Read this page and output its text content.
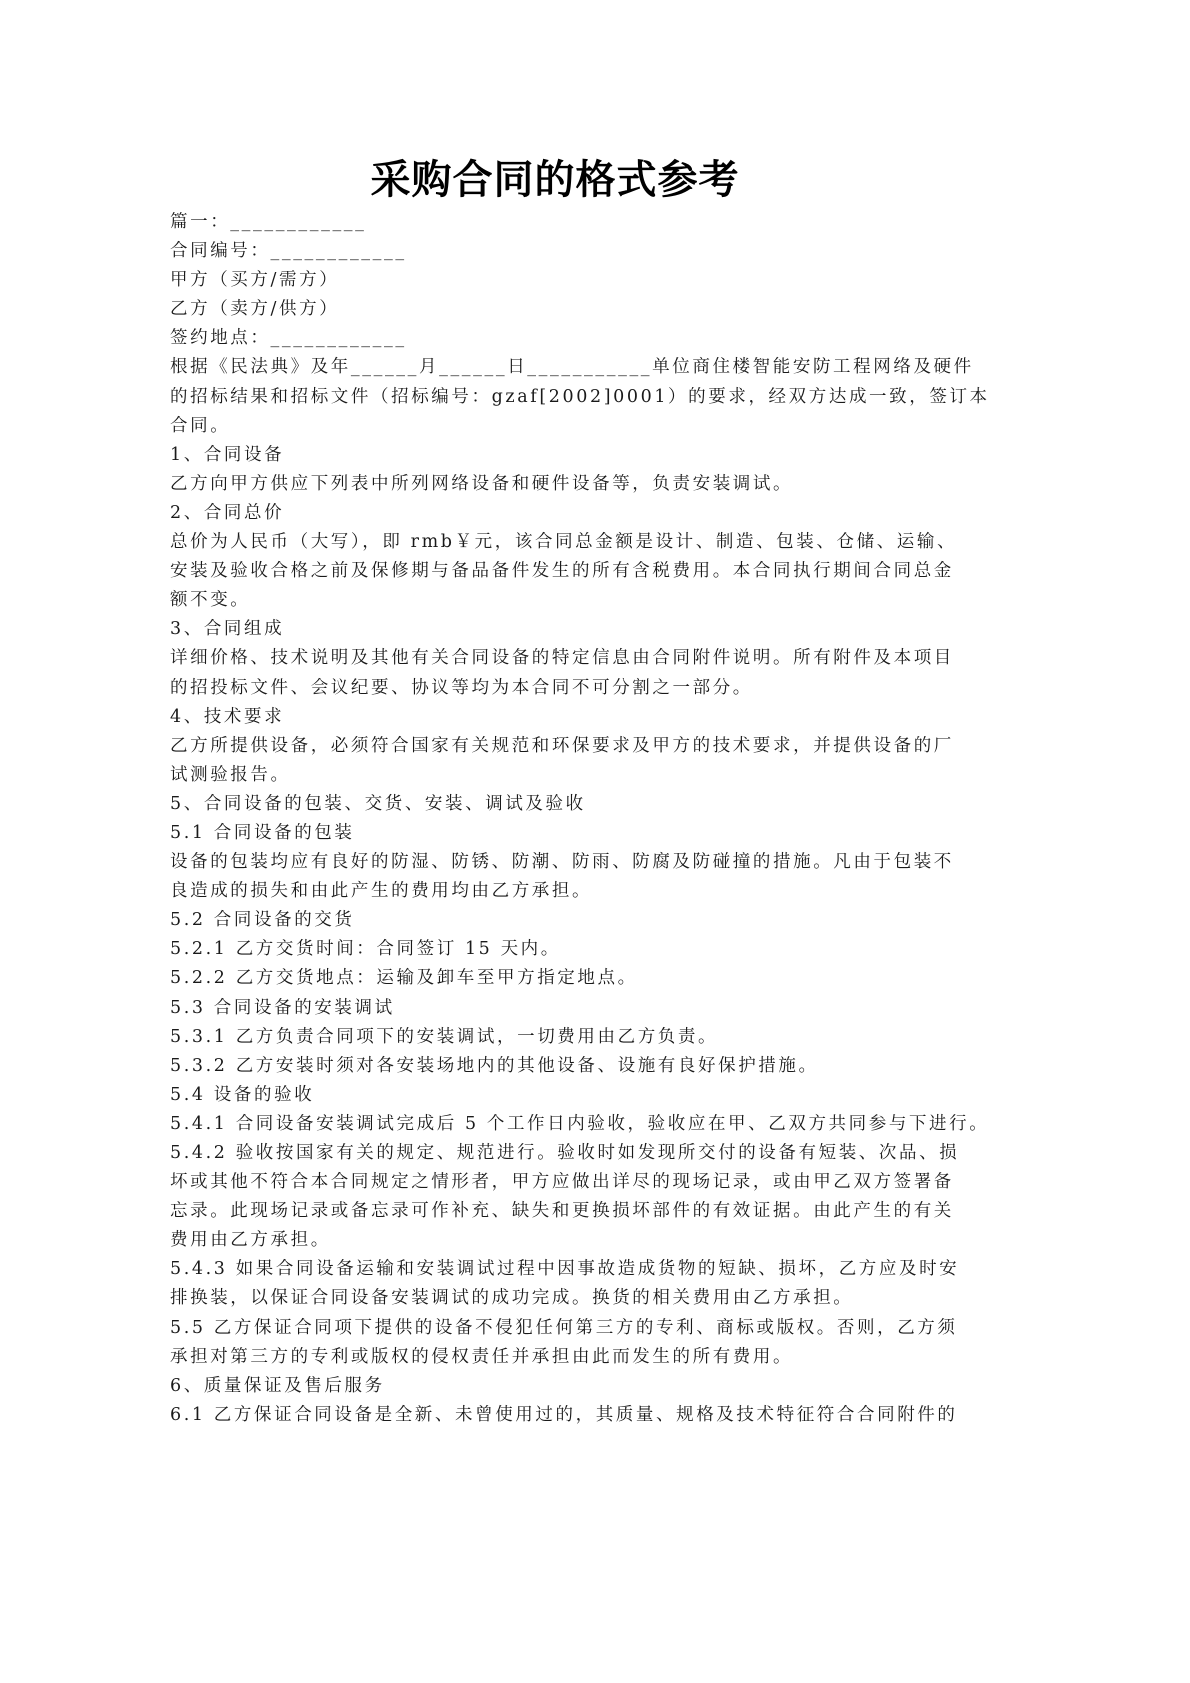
采购合同的格式参考

篇一：____________

合同编号：____________

甲方（买方/需方）

乙方（卖方/供方）

签约地点：____________

根据《民法典》及年______月______日___________单位商住楼智能安防工程网络及硬件

的招标结果和招标文件（招标编号：gzaf[2002]0001）的要求，经双方达成一致，签订本

合同。

1、合同设备

乙方向甲方供应下列表中所列网络设备和硬件设备等，负责安装调试。

2、合同总价

总价为人民币（大写），即 rmb￥元，该合同总金额是设计、制造、包装、仓储、运输、

安装及验收合格之前及保修期与备品备件发生的所有含税费用。本合同执行期间合同总金

额不变。

3、合同组成

详细价格、技术说明及其他有关合同设备的特定信息由合同附件说明。所有附件及本项目

的招投标文件、会议纪要、协议等均为本合同不可分割之一部分。

4、技术要求

乙方所提供设备，必须符合国家有关规范和环保要求及甲方的技术要求，并提供设备的厂

试测验报告。

5、合同设备的包装、交货、安装、调试及验收

5.1 合同设备的包装

设备的包装均应有良好的防湿、防锈、防潮、防雨、防腐及防碰撞的措施。凡由于包装不

良造成的损失和由此产生的费用均由乙方承担。

5.2 合同设备的交货

5.2.1 乙方交货时间：合同签订 15 天内。

5.2.2 乙方交货地点：运输及卸车至甲方指定地点。

5.3 合同设备的安装调试

5.3.1 乙方负责合同项下的安装调试，一切费用由乙方负责。

5.3.2 乙方安装时须对各安装场地内的其他设备、设施有良好保护措施。

5.4 设备的验收

5.4.1 合同设备安装调试完成后 5 个工作日内验收，验收应在甲、乙双方共同参与下进行。

5.4.2 验收按国家有关的规定、规范进行。验收时如发现所交付的设备有短装、次品、损

坏或其他不符合本合同规定之情形者，甲方应做出详尽的现场记录，或由甲乙双方签署备

忘录。此现场记录或备忘录可作补充、缺失和更换损坏部件的有效证据。由此产生的有关

费用由乙方承担。

5.4.3 如果合同设备运输和安装调试过程中因事故造成货物的短缺、损坏，乙方应及时安

排换装，以保证合同设备安装调试的成功完成。换货的相关费用由乙方承担。

5.5 乙方保证合同项下提供的设备不侵犯任何第三方的专利、商标或版权。否则，乙方须

承担对第三方的专利或版权的侵权责任并承担由此而发生的所有费用。

6、质量保证及售后服务

6.1 乙方保证合同设备是全新、未曾使用过的，其质量、规格及技术特征符合合同附件的
